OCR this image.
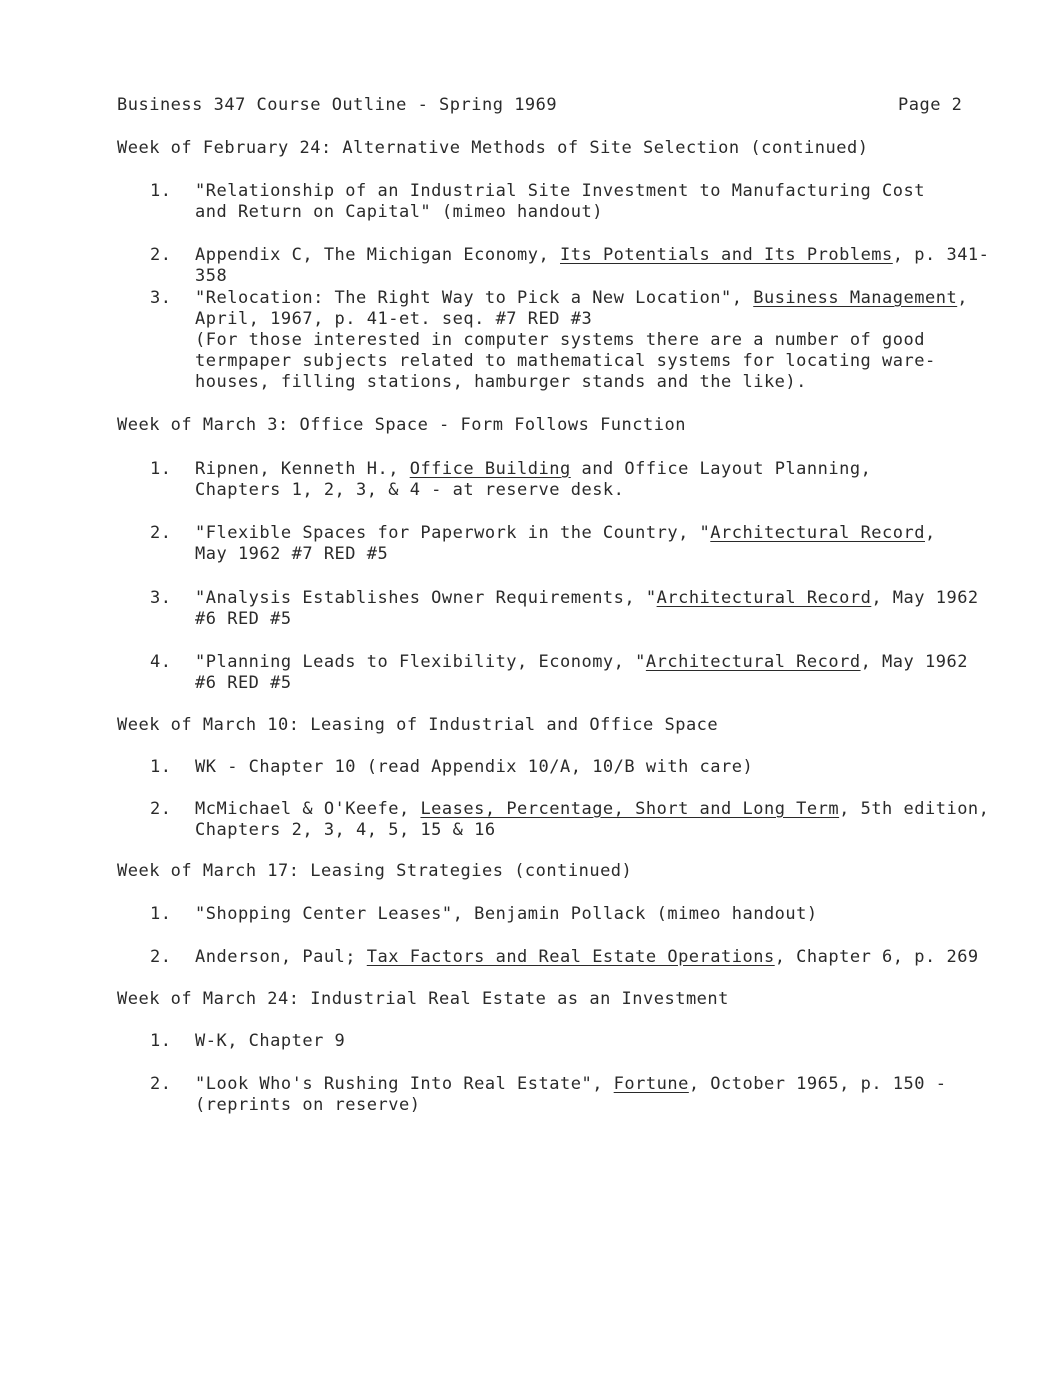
Business 347 Course Outline - Spring 1969	Page 2
Week of February 24: Alternative Methods of Site Selection (continued)
1.	"Relationship of an Industrial Site Investment to Manufacturing Cost
and Return on Capital" (mimeo handout)
2.	Appendix C, The Michigan Economy, Its Potentials and Its Problems, p. 341-358
3.	"Relocation: The Right Way to Pick a New Location", Business Management,
April, 1967, p. 41-et. seq. #7 RED #3
(For those interested in computer systems there are a number of good
termpaper subjects related to mathematical systems for locating ware-
houses, filling stations, hamburger stands and the like).
Week of March 3: Office Space - Form Follows Function
1.	Ripnen, Kenneth H., Office Building and Office Layout Planning,
Chapters 1, 2, 3, & 4 - at reserve desk.
2.	"Flexible Spaces for Paperwork in the Country, "Architectural Record,
May 1962 #7 RED #5
3.	"Analysis Establishes Owner Requirements, "Architectural Record, May 1962
#6 RED #5
4.	"Planning Leads to Flexibility, Economy, "Architectural Record, May 1962
#6 RED #5
Week of March 10: Leasing of Industrial and Office Space
1.	WK - Chapter 10 (read Appendix 10/A, 10/B with care)
2.	McMichael & O'Keefe, Leases, Percentage, Short and Long Term, 5th edition,
Chapters 2, 3, 4, 5, 15 & 16
Week of March 17: Leasing Strategies (continued)
1.	"Shopping Center Leases", Benjamin Pollack (mimeo handout)
2.	Anderson, Paul; Tax Factors and Real Estate Operations, Chapter 6, p. 269
Week of March 24: Industrial Real Estate as an Investment
1.	W-K, Chapter 9
2.	"Look Who's Rushing Into Real Estate", Fortune, October 1965, p. 150 -
(reprints on reserve)
